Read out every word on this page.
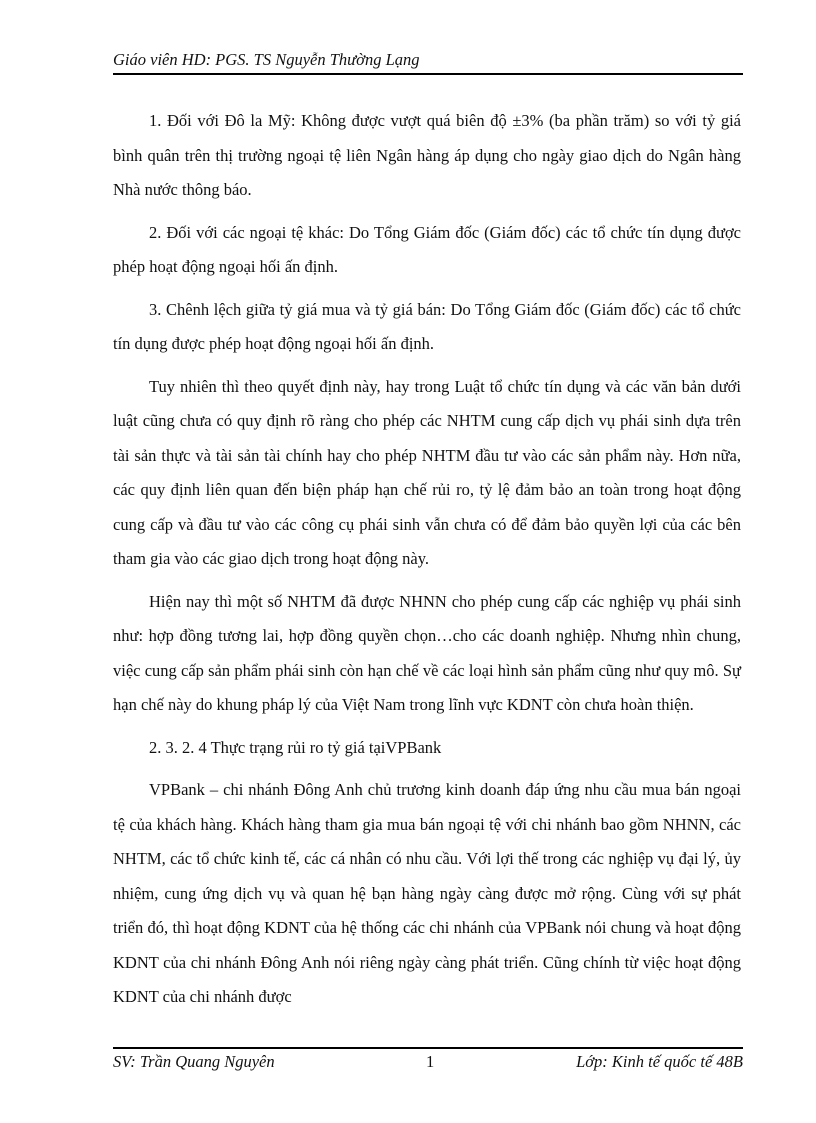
Giáo viên HD: PGS. TS Nguyễn Thường Lạng

1. Đối với Đô la Mỹ: Không được vượt quá biên độ ±3% (ba phần trăm) so với tỷ giá bình quân trên thị trường ngoại tệ liên Ngân hàng áp dụng cho ngày giao dịch do Ngân hàng Nhà nước thông báo.

2. Đối với các ngoại tệ khác: Do Tổng Giám đốc (Giám đốc) các tổ chức tín dụng được phép hoạt động ngoại hối ấn định.

3. Chênh lệch giữa tỷ giá mua và tỷ giá bán: Do Tổng Giám đốc (Giám đốc) các tổ chức tín dụng được phép hoạt động ngoại hối ấn định.

Tuy nhiên thì theo quyết định này, hay trong Luật tổ chức tín dụng và các văn bản dưới luật cũng chưa có quy định rõ ràng cho phép các NHTM cung cấp dịch vụ phái sinh dựa trên tài sản thực và tài sản tài chính hay cho phép NHTM đầu tư vào các sản phẩm này. Hơn nữa, các quy định liên quan đến biện pháp hạn chế rủi ro, tỷ lệ đảm bảo an toàn trong hoạt động cung cấp và đầu tư vào các công cụ phái sinh vẫn chưa có để đảm bảo quyền lợi của các bên tham gia vào các giao dịch trong hoạt động này.

Hiện nay thì một số NHTM đã được NHNN cho phép cung cấp các nghiệp vụ phái sinh như: hợp đồng tương lai, hợp đồng quyền chọn…cho các doanh nghiệp. Nhưng nhìn chung, việc cung cấp sản phẩm phái sinh còn hạn chế về các loại hình sản phẩm cũng như quy mô. Sự hạn chế này do khung pháp lý của Việt Nam trong lĩnh vực KDNT còn chưa hoàn thiện.

2. 3. 2. 4 Thực trạng rủi ro tỷ giá tạiVPBank

VPBank – chi nhánh Đông Anh chủ trương kinh doanh đáp ứng nhu cầu mua bán ngoại tệ của khách hàng. Khách hàng tham gia mua bán ngoại tệ với chi nhánh bao gồm NHNN, các NHTM, các tổ chức kinh tế, các cá nhân có nhu cầu. Với lợi thế trong các nghiệp vụ đại lý, ủy nhiệm, cung ứng dịch vụ và quan hệ bạn hàng ngày càng được mở rộng. Cùng với sự phát triển đó, thì hoạt động KDNT của hệ thống các chi nhánh của VPBank nói chung và hoạt động KDNT của chi nhánh Đông Anh nói riêng ngày càng phát triển. Cũng chính từ việc hoạt động KDNT của chi nhánh được

SV: Trần Quang Nguyên	1	Lớp: Kinh tế quốc tế 48B
